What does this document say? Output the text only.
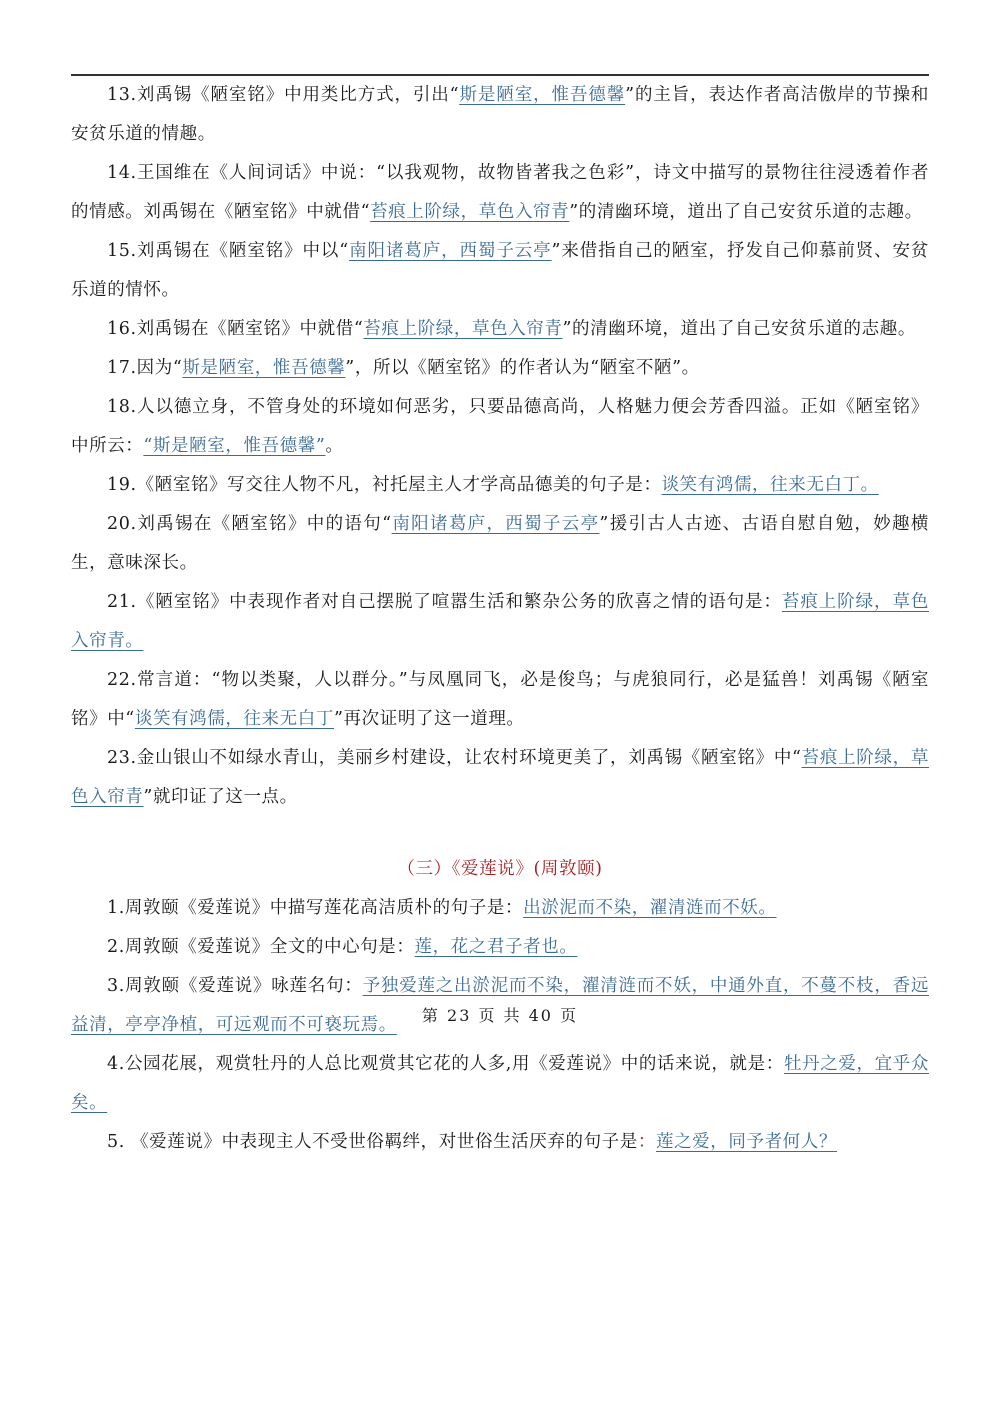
13.刘禹锡《陋室铭》中用类比方式，引出“斯是陋室，惟吾德馨”的主旨，表达作者高洁傲岸的节操和安贫乐道的情趣。

14.王国维在《人间词话》中说：“以我观物，故物皆著我之色彩”，诗文中描写的景物往往浸透着作者的情感。刘禹锡在《陋室铭》中就借“苔痕上阶绿，草色入帘青”的清幽环境，道出了自己安贫乐道的志趣。

15.刘禹锡在《陋室铭》中以“南阳诸葛庐，西蜀子云亭”来借指自己的陋室，抒发自己仰慕前贤、安贫乐道的情怀。

16.刘禹锡在《陋室铭》中就借“苔痕上阶绿，草色入帘青”的清幽环境，道出了自己安贫乐道的志趣。

17.因为“斯是陋室，惟吾德馨”，所以《陋室铭》的作者认为“陋室不陋”。

18.人以德立身，不管身处的环境如何恶劣，只要品德高尚，人格魅力便会芳香四溢。正如《陋室铭》中所云：“斯是陋室，惟吾德馨”。

19.《陋室铭》写交往人物不凡，衬托屋主人才学高品德美的句子是：谈笑有鸿儒，往来无白丁。

20.刘禹锡在《陋室铭》中的语句“南阳诸葛庐，西蜀子云亭”援引古人古迹、古语自慰自勉，妙趣横生，意味深长。

21.《陋室铭》中表现作者对自己摆脱了喧嚣生活和繁杂公务的欣喜之情的语句是：苔痕上阶绿，草色入帘青。

22.常言道：“物以类聚，人以群分。”与凤凰同飞，必是俊鸟；与虎狼同行，必是猛兽！刘禹锡《陋室铭》中“谈笑有鸿儒，往来无白丁”再次证明了这一道理。

23.金山银山不如绿水青山，美丽乡村建设，让农村环境更美了，刘禹锡《陋室铭》中“苔痕上阶绿，草色入帘青”就印证了这一点。

（三）《爱莲说》(周敦颐)

1.周敦颐《爱莲说》中描写莲花高洁质朴的句子是：出淤泥而不染，濯清涟而不妖。

2.周敦颐《爱莲说》全文的中心句是：莲，花之君子者也。

3.周敦颐《爱莲说》咏莲名句：予独爱莲之出淤泥而不染，濯清涟而不妖，中通外直，不蔓不枝，香远益清，亭亭净植，可远观而不可亵玩焉。

4.公园花展，观赏牡丹的人总比观赏其它花的人多,用《爱莲说》中的话来说，就是：牡丹之爱，宜乎众矣。

5. 《爱莲说》中表现主人不受世俗羁绊，对世俗生活厌弃的句子是：莲之爱，同予者何人？

第 23 页 共 40 页
